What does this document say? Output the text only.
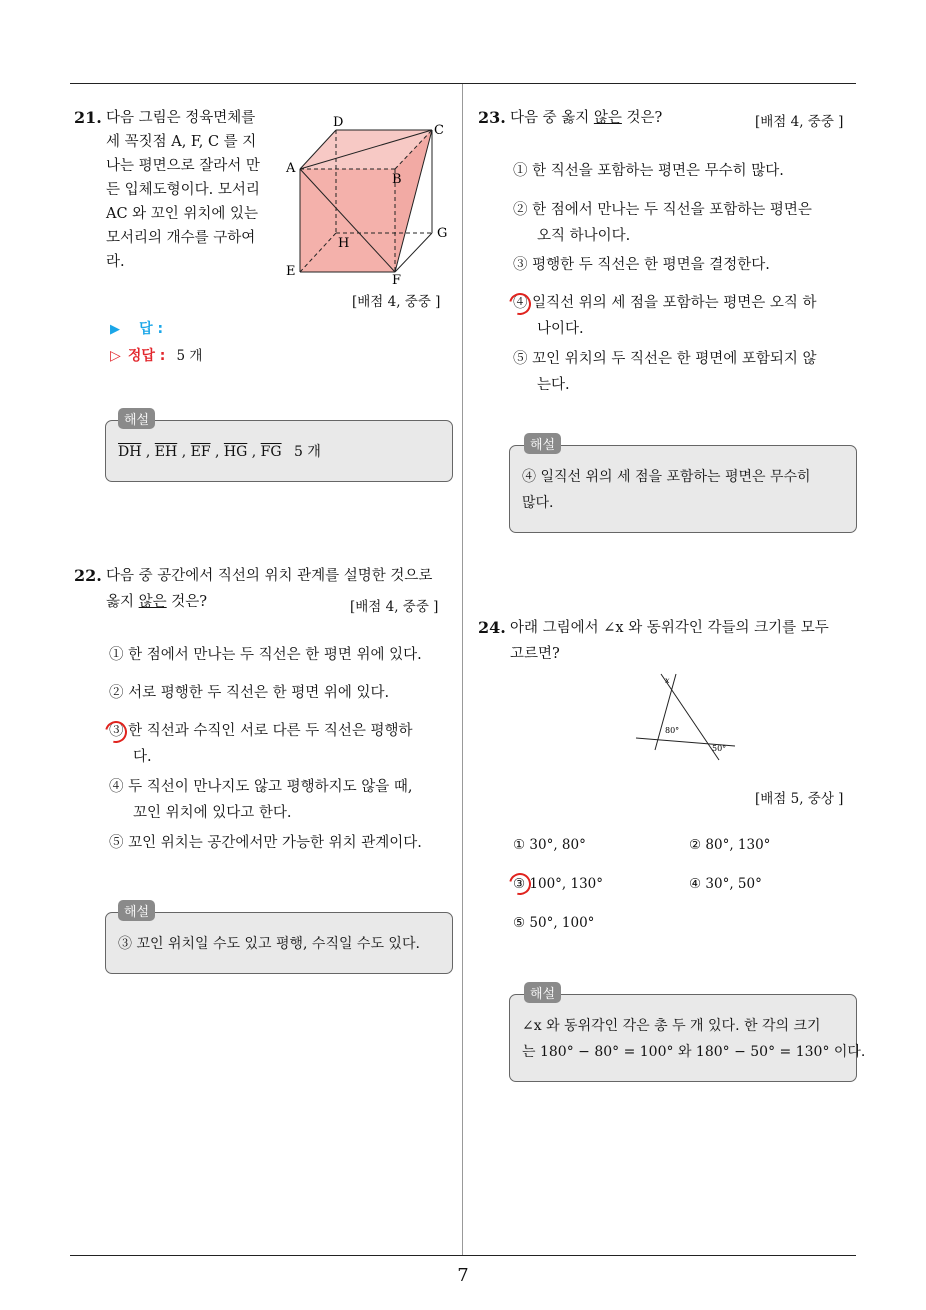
7
21. 다음 그림은 정육면체를
세 꼭짓점 A, F, C 를 지
나는 평면으로 잘라서 만
든 입체도형이다. 모서리
AC 와 꼬인 위치에 있는
모서리의 개수를 구하여
라.
D
C
A
B
H
G
E
F
[배점 4, 중중 ]
▶ 답 :
▷ 정답 : 5 개
해설
$\overline{DH}$ , $\overline{EH}$ , $\overline{EF}$ , $\overline{HG}$ , $\overline{FG}$ 5 개
22. 다음 중 공간에서 직선의 위치 관계를 설명한 것으로
옳지 않은 것은?	[배점 4, 중중 ]
① 한 점에서 만나는 두 직선은 한 평면 위에 있다.
② 서로 평행한 두 직선은 한 평면 위에 있다.
③ 한 직선과 수직인 서로 다른 두 직선은 평행하
다.
④ 두 직선이 만나지도 않고 평행하지도 않을 때,
꼬인 위치에 있다고 한다.
⑤ 꼬인 위치는 공간에서만 가능한 위치 관계이다.
해설
③ 꼬인 위치일 수도 있고 평행, 수직일 수도 있다.
23. 다음 중 옳지 않은 것은?	[배점 4, 중중 ]
① 한 직선을 포함하는 평면은 무수히 많다.
② 한 점에서 만나는 두 직선을 포함하는 평면은
오직 하나이다.
③ 평행한 두 직선은 한 평면을 결정한다.
④ 일직선 위의 세 점을 포함하는 평면은 오직 하
나이다.
⑤ 꼬인 위치의 두 직선은 한 평면에 포함되지 않
는다.
해설
④ 일직선 위의 세 점을 포함하는 평면은 무수히
많다.
24. 아래 그림에서 ∠x 와 동위각인 각들의 크기를 모두
고르면?
x
80°
50°
[배점 5, 중상 ]
① 30°, 80°	② 80°, 130°
③ 100°, 130°	④ 30°, 50°
⑤ 50°, 100°
해설
∠x 와 동위각인 각은 총 두 개 있다. 한 각의 크기
는 180° − 80° = 100° 와 180° − 50° = 130° 이다.
